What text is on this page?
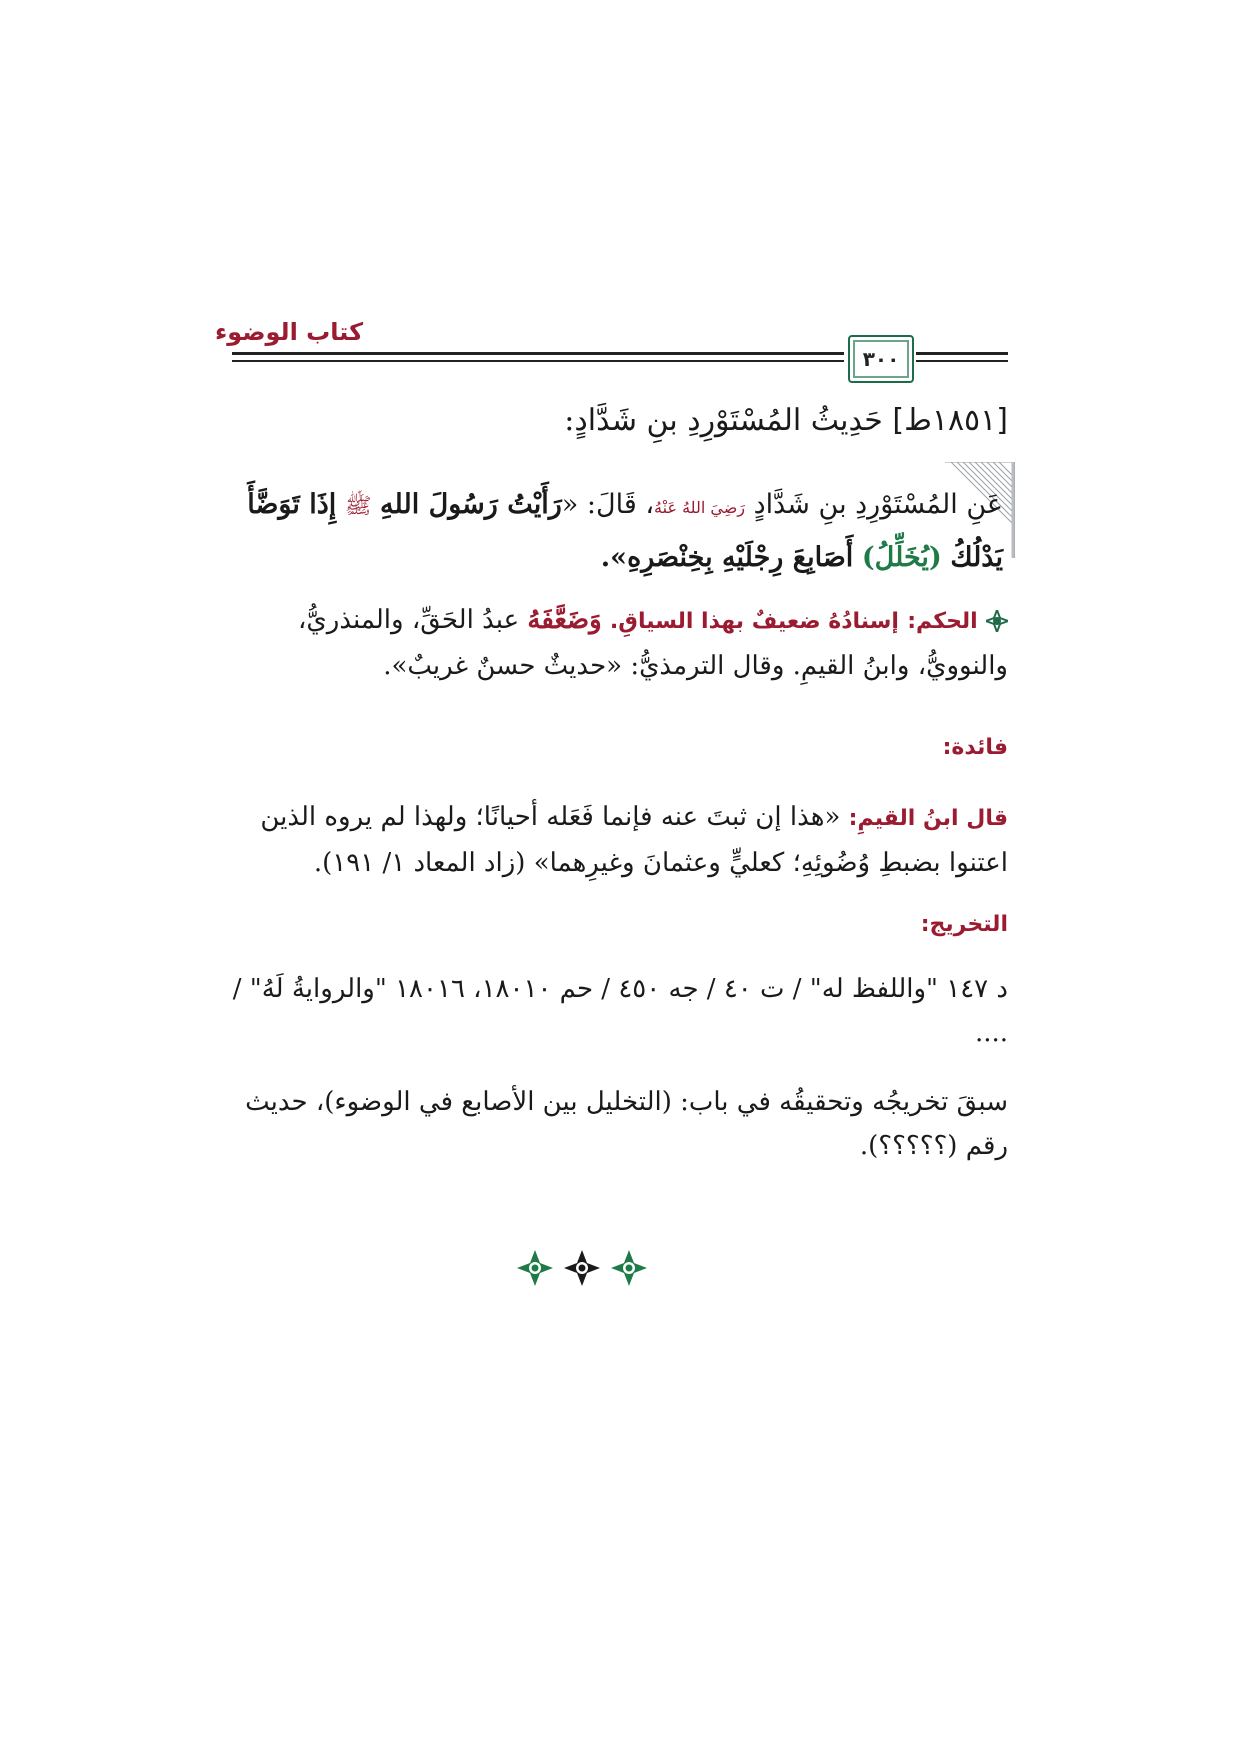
كتاب الوضوء
٣٠٠
[١٨٥١ط] حَدِيثُ المُسْتَوْرِدِ بنِ شَدَّادٍ:
عَنِ المُسْتَوْرِدِ بنِ شَدَّادٍ رَضِيَ اللهُ عَنْهُ، قَالَ: «رَأَيْتُ رَسُولَ اللهِ ﷺ إِذَا تَوَضَّأَ يَدْلُكُ (يُخَلِّلُ) أَصَابِعَ رِجْلَيْهِ بِخِنْصَرِهِ».
الحكم: إسنادُهُ ضعيفٌ بهذا السياقِ. وَضَعَّفَهُ عبدُ الحَقِّ، والمنذريُّ، والنوويُّ، وابنُ القيمِ. وقال الترمذيُّ: «حديثٌ حسنٌ غريبٌ».
فائدة:
قال ابنُ القيمِ: «هذا إن ثبتَ عنه فإنما فَعَله أحيانًا؛ ولهذا لم يروه الذين اعتنوا بضبطِ وُضُوئِهِ؛ كعليٍّ وعثمانَ وغيرِهما» (زاد المعاد ١/ ١٩١).
التخريج:
د ١٤٧ "واللفظ له" / ت ٤٠ / جه ٤٥٠ / حم ١٨٠١٠، ١٨٠١٦ "والروايةُ لَهُ" / ....
سبقَ تخريجُه وتحقيقُه في باب: (التخليل بين الأصابع في الوضوء)، حديث رقم (؟؟؟؟؟).
